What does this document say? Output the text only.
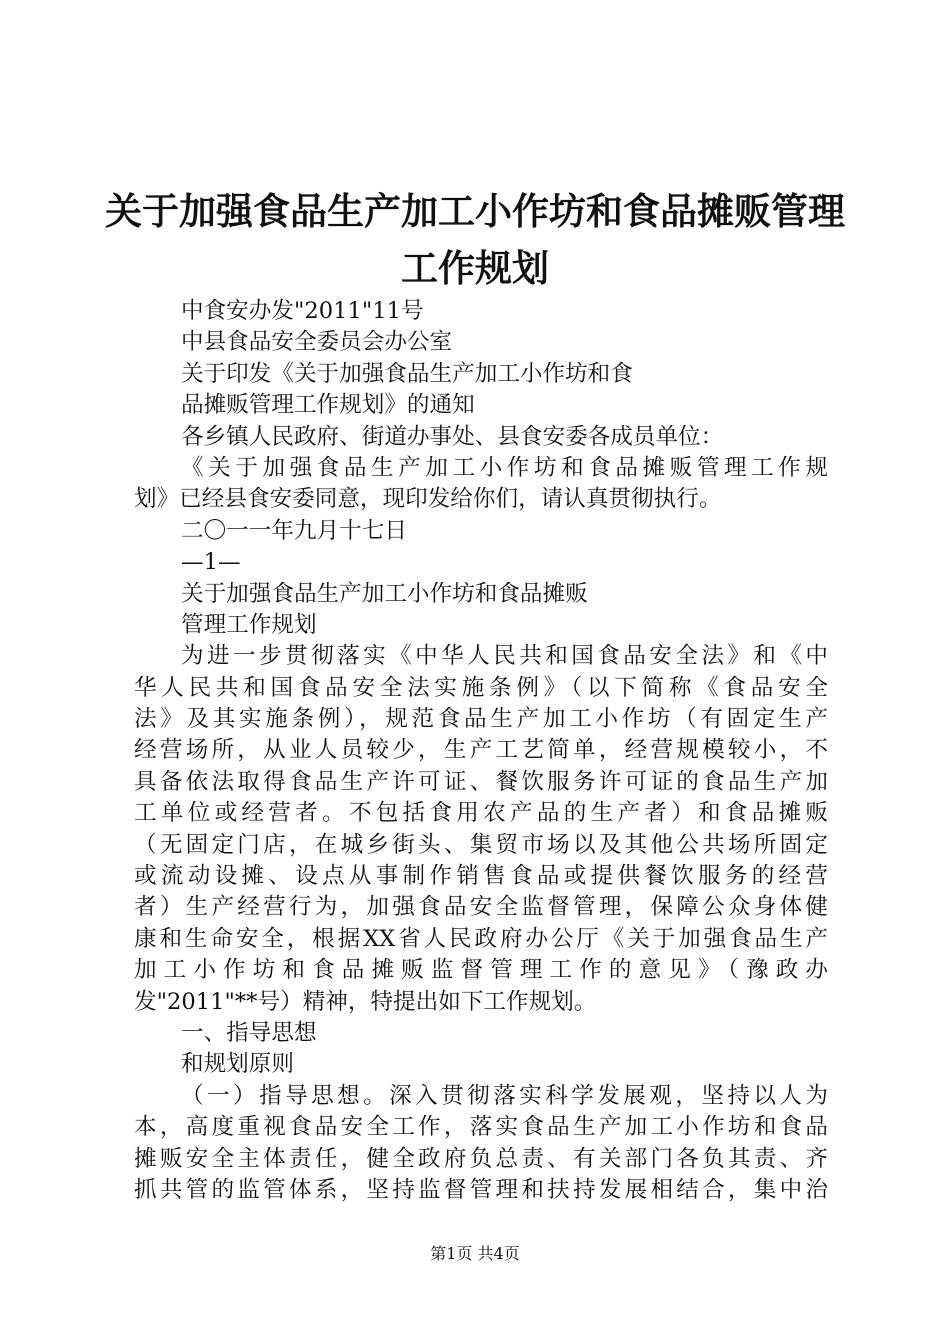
关于加强食品生产加工小作坊和食品摊贩管理
工作规划
中食安办发"2011"11号
中县食品安全委员会办公室
关于印发《关于加强食品生产加工小作坊和食
品摊贩管理工作规划》的通知
各乡镇人民政府、街道办事处、县食安委各成员单位：
《关于加强食品生产加工小作坊和食品摊贩管理工作规
划》已经县食安委同意，现印发给你们，请认真贯彻执行。
二〇一一年九月十七日
—1—
关于加强食品生产加工小作坊和食品摊贩
管理工作规划
为进一步贯彻落实《中华人民共和国食品安全法》和《中
华人民共和国食品安全法实施条例》（以下简称《食品安全
法》及其实施条例），规范食品生产加工小作坊（有固定生产
经营场所，从业人员较少，生产工艺简单，经营规模较小，不
具备依法取得食品生产许可证、餐饮服务许可证的食品生产加
工单位或经营者。不包括食用农产品的生产者）和食品摊贩
（无固定门店，在城乡街头、集贸市场以及其他公共场所固定
或流动设摊、设点从事制作销售食品或提供餐饮服务的经营
者）生产经营行为，加强食品安全监督管理，保障公众身体健
康和生命安全，根据XX省人民政府办公厅《关于加强食品生产
加工小作坊和食品摊贩监督管理工作的意见》（豫政办
发"2011"**号）精神，特提出如下工作规划。
一、指导思想
和规划原则
（一）指导思想。深入贯彻落实科学发展观，坚持以人为
本，高度重视食品安全工作，落实食品生产加工小作坊和食品
摊贩安全主体责任，健全政府负总责、有关部门各负其责、齐
抓共管的监管体系，坚持监督管理和扶持发展相结合，集中治
第1页 共4页
